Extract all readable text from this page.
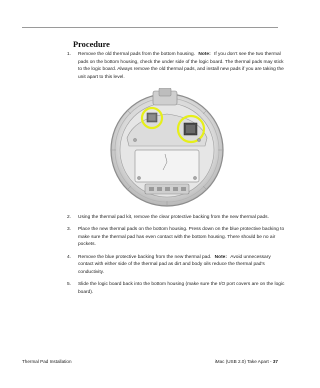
Procedure
1. Remove the old thermal pads from the bottom housing. Note: If you don’t see the two thermal pads on the bottom housing, check the under side of the logic board. The thermal pads may stick to the logic board. Always remove the old thermal pads, and install new pads if you are taking the unit apart to this level.
2. Using the thermal pad kit, remove the clear protective backing from the new thermal pads.
3. Place the new thermal pads on the bottom housing. Press down on the blue protective backing to make sure the thermal pad has even contact with the bottom housing. There should be no air pockets.
4. Remove the blue protective backing from the new thermal pad. Note: Avoid unnecessary contact with either side of the thermal pad as dirt and body oils reduce the thermal pad's conductivity.
5. Slide the logic board back into the bottom housing (make sure the I/O port covers are on the logic board).
Thermal Pad Installation	iMac (USB 2.0) Take Apart - 37
